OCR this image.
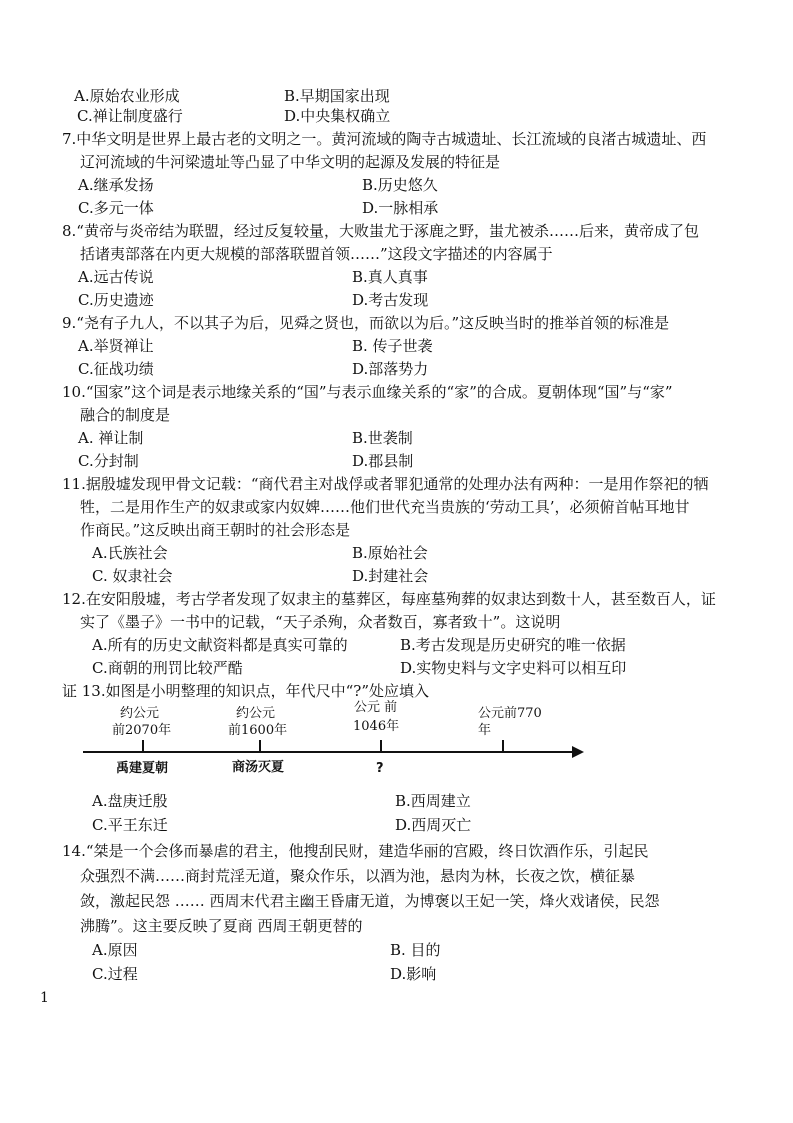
A.原始农业形成	B.早期国家出现
C.禅让制度盛行	D.中央集权确立
7.中华文明是世界上最古老的文明之一。黄河流域的陶寺古城遗址、长江流域的良渚古城遗址、西
辽河流域的牛河梁遗址等凸显了中华文明的起源及发展的特征是
A.继承发扬	B.历史悠久
C.多元一体	D.一脉相承
8.“黄帝与炎帝结为联盟，经过反复较量，大败蚩尤于涿鹿之野，蚩尤被杀……后来，黄帝成了包
括诸夷部落在内更大规模的部落联盟首领……”这段文字描述的内容属于
A.远古传说	B.真人真事
C.历史遗迹	D.考古发现
9.“尧有子九人，不以其子为后，见舜之贤也，而欲以为后。”这反映当时的推举首领的标准是
A.举贤禅让	B. 传子世袭
C.征战功绩	D.部落势力
10.“国家”这个词是表示地缘关系的“国”与表示血缘关系的“家”的合成。夏朝体现“国”与“家”
融合的制度是
A. 禅让制	B.世袭制
C.分封制	D.郡县制
11.据殷墟发现甲骨文记载：“商代君主对战俘或者罪犯通常的处理办法有两种：一是用作祭祀的牺
牲，二是用作生产的奴隶或家内奴婢……他们世代充当贵族的‘劳动工具’，必须俯首帖耳地甘
作商民。”这反映出商王朝时的社会形态是
A.氏族社会	B.原始社会
C. 奴隶社会	D.封建社会
12.在安阳殷墟，考古学者发现了奴隶主的墓葬区，每座墓殉葬的奴隶达到数十人，甚至数百人，证
实了《墨子》一书中的记载，“天子杀殉，众者数百，寡者致十”。这说明
A.所有的历史文献资料都是真实可靠的	B.考古发现是历史研究的唯一依据
C.商朝的刑罚比较严酷	D.实物史料与文字史料可以相互印
证 13.如图是小明整理的知识点，年代尺中“?”处应填入
约公元
前2070年
约公元
前1600年
公元 前
1046年
公元前770
年
禹建夏朝	商汤灭夏	?
A.盘庚迁殷	B.西周建立
C.平王东迁	D.西周灭亡
14.“桀是一个会侈而暴虐的君主，他搜刮民财，建造华丽的宫殿，终日饮酒作乐，引起民
众强烈不满……商封荒淫无道，聚众作乐，以酒为池，悬肉为林，长夜之饮，横征暴
敛，激起民怨 …… 西周末代君主幽王昏庸无道，为博褒以王妃一笑，烽火戏诸侯，民怨
沸腾”。这主要反映了夏商 西周王朝更替的
A.原因	B. 目的
C.过程	D.影响
1
